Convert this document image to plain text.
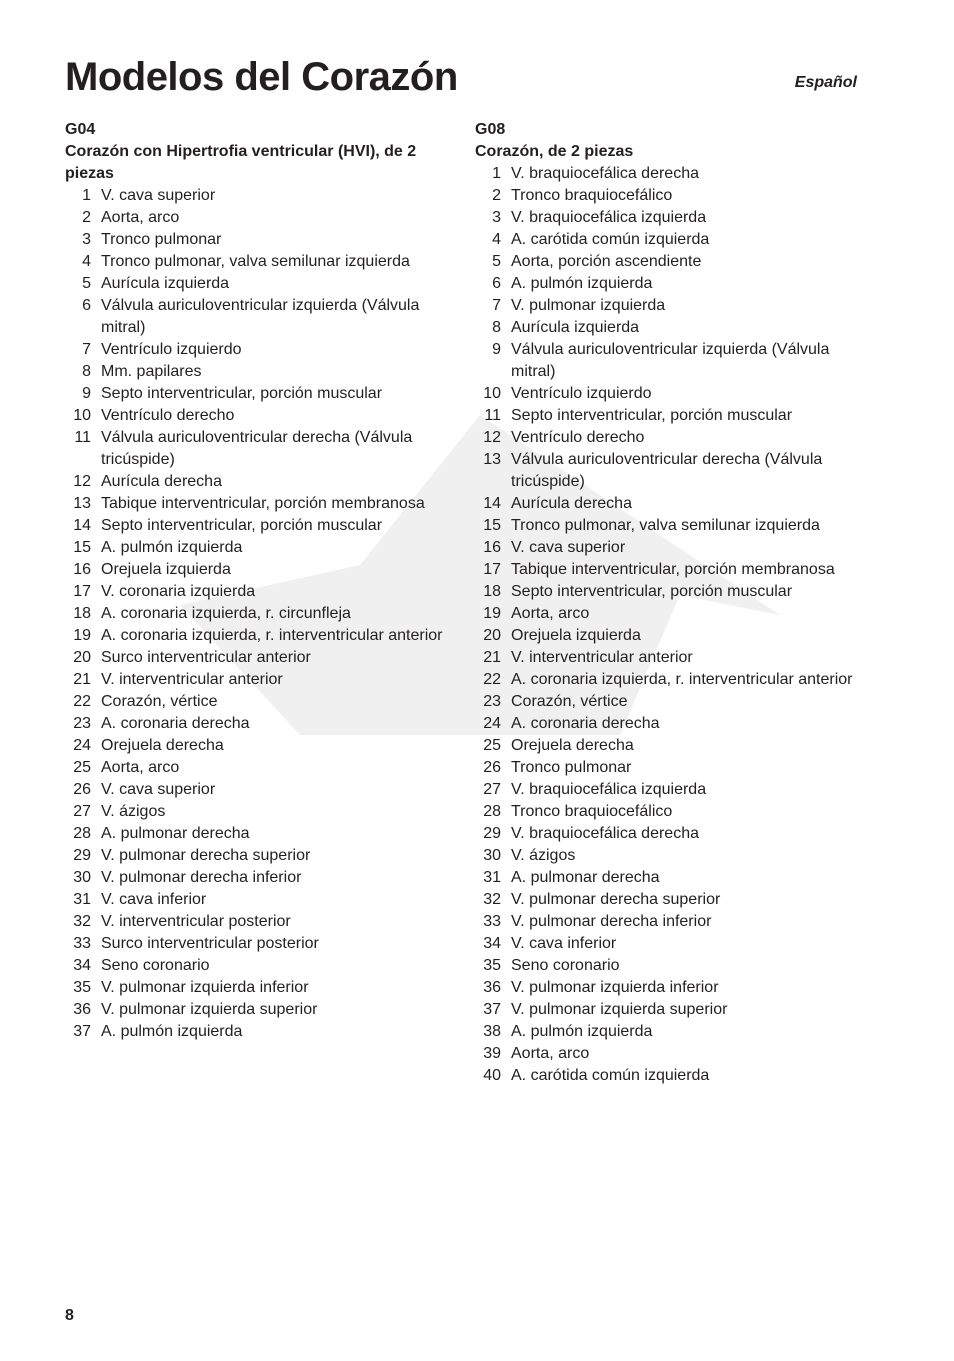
Modelos del Corazón	Español
G04
Corazón con Hipertrofia ventricular (HVI), de 2 piezas
1 V. cava superior
2 Aorta, arco
3 Tronco pulmonar
4 Tronco pulmonar, valva semilunar izquierda
5 Aurícula izquierda
6 Válvula auriculoventricular izquierda (Válvula mitral)
7 Ventrículo izquierdo
8 Mm. papilares
9 Septo interventricular, porción muscular
10 Ventrículo derecho
11 Válvula auriculoventricular derecha (Válvula tricúspide)
12 Aurícula derecha
13 Tabique interventricular, porción membranosa
14 Septo interventricular, porción muscular
15 A. pulmón izquierda
16 Orejuela izquierda
17 V. coronaria izquierda
18 A. coronaria izquierda, r. circunfleja
19 A. coronaria izquierda, r. interventricular anterior
20 Surco interventricular anterior
21 V. interventricular anterior
22 Corazón, vértice
23 A. coronaria derecha
24 Orejuela derecha
25 Aorta, arco
26 V. cava superior
27 V. ázigos
28 A. pulmonar derecha
29 V. pulmonar derecha superior
30 V. pulmonar derecha inferior
31 V. cava inferior
32 V. interventricular posterior
33 Surco interventricular posterior
34 Seno coronario
35 V. pulmonar izquierda inferior
36 V. pulmonar izquierda superior
37 A. pulmón izquierda
G08
Corazón, de 2 piezas
1 V. braquiocefálica derecha
2 Tronco braquiocefálico
3 V. braquiocefálica izquierda
4 A. carótida común izquierda
5 Aorta, porción ascendiente
6 A. pulmón izquierda
7 V. pulmonar izquierda
8 Aurícula izquierda
9 Válvula auriculoventricular izquierda (Válvula mitral)
10 Ventrículo izquierdo
11 Septo interventricular, porción muscular
12 Ventrículo derecho
13 Válvula auriculoventricular derecha (Válvula tricúspide)
14 Aurícula derecha
15 Tronco pulmonar, valva semilunar izquierda
16 V. cava superior
17 Tabique interventricular, porción membranosa
18 Septo interventricular, porción muscular
19 Aorta, arco
20 Orejuela izquierda
21 V. interventricular anterior
22 A. coronaria izquierda, r. interventricular anterior
23 Corazón, vértice
24 A. coronaria derecha
25 Orejuela derecha
26 Tronco pulmonar
27 V. braquiocefálica izquierda
28 Tronco braquiocefálico
29 V. braquiocefálica derecha
30 V. ázigos
31 A. pulmonar derecha
32 V. pulmonar derecha superior
33 V. pulmonar derecha inferior
34 V. cava inferior
35 Seno coronario
36 V. pulmonar izquierda inferior
37 V. pulmonar izquierda superior
38 A. pulmón izquierda
39 Aorta, arco
40 A. carótida común izquierda
8
